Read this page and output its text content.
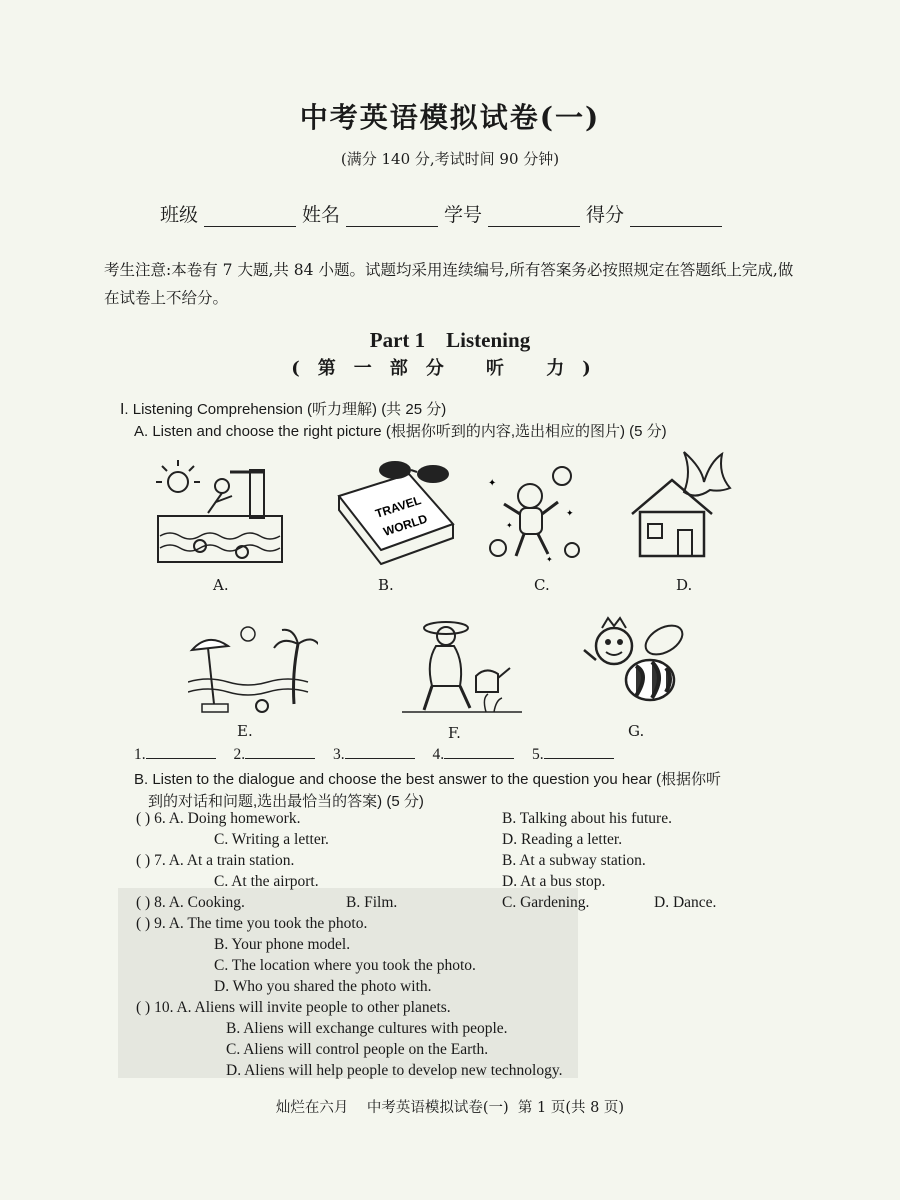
中考英语模拟试卷(一)
(满分 140 分,考试时间 90 分钟)
班级	姓名	学号	得分
考生注意:本卷有 7 大题,共 84 小题。试题均采用连续编号,所有答案务必按照规定在答题纸上完成,做在试卷上不给分。
Part 1    Listening
(第一部分 听 力)
Ⅰ. Listening Comprehension (听力理解) (共 25 分)
A. Listen and choose the right picture (根据你听到的内容,选出相应的图片) (5 分)
A.
TRAVEL
WORLD
B.
✦
✦
✦
✦
C.	D.
E.	F.	G.
1.	2.	3.	4.	5.
B. Listen to the dialogue and choose the best answer to the question you hear (根据你听
到的对话和问题,选出最恰当的答案) (5 分)
( ) 6. A. Doing homework.	B. Talking about his future.
C. Writing a letter.	D. Reading a letter.
( ) 7. A. At a train station.	B. At a subway station.
C. At the airport.	D. At a bus stop.
( ) 8. A. Cooking.	B. Film.	C. Gardening.	D. Dance.
( ) 9. A. The time you took the photo.
B. Your phone model.
C. The location where you took the photo.
D. Who you shared the photo with.
( ) 10. A. Aliens will invite people to other planets.
B. Aliens will exchange cultures with people.
C. Aliens will control people on the Earth.
D. Aliens will help people to develop new technology.
灿烂在六月    中考英语模拟试卷(一)  第 1 页(共 8 页)
